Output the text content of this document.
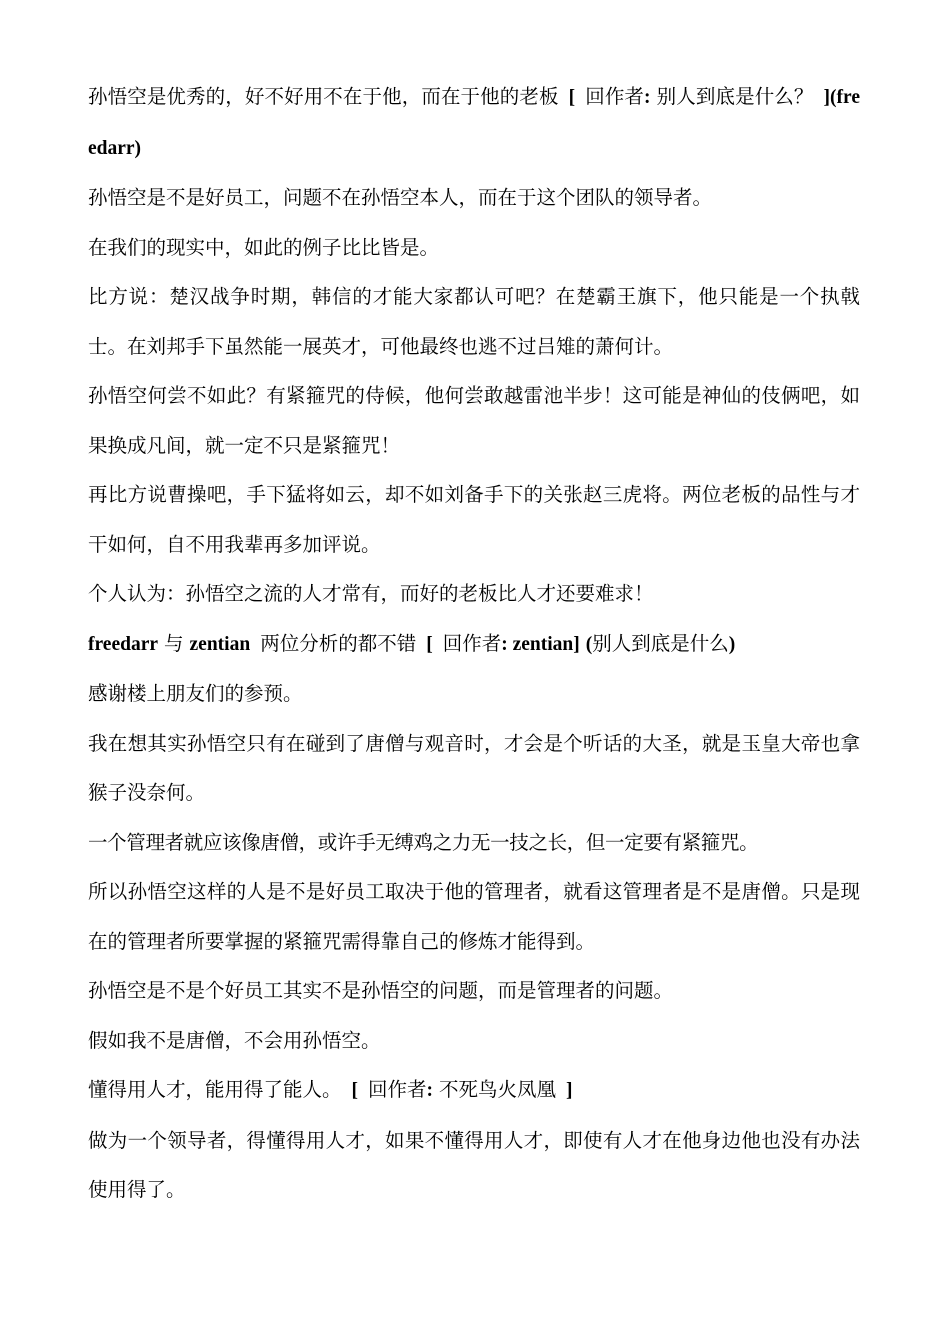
孙悟空是优秀的，好不好用不在于他，而在于他的老板 [ 回作者: 别人到底是什么？ ](freedarr)

孙悟空是不是好员工，问题不在孙悟空本人，而在于这个团队的领导者。

在我们的现实中，如此的例子比比皆是。

比方说：楚汉战争时期，韩信的才能大家都认可吧？在楚霸王旗下，他只能是一个执戟士。在刘邦手下虽然能一展英才，可他最终也逃不过吕雉的萧何计。

孙悟空何尝不如此？有紧箍咒的侍候，他何尝敢越雷池半步！这可能是神仙的伎俩吧，如果换成凡间，就一定不只是紧箍咒！

再比方说曹操吧，手下猛将如云，却不如刘备手下的关张赵三虎将。两位老板的品性与才干如何，自不用我辈再多加评说。

个人认为：孙悟空之流的人才常有，而好的老板比人才还要难求！

freedarr 与 zentian 两位分析的都不错 [ 回作者: zentian] (别人到底是什么)

感谢楼上朋友们的参预。

我在想其实孙悟空只有在碰到了唐僧与观音时，才会是个听话的大圣，就是玉皇大帝也拿猴子没奈何。

一个管理者就应该像唐僧，或许手无缚鸡之力无一技之长，但一定要有紧箍咒。

所以孙悟空这样的人是不是好员工取决于他的管理者，就看这管理者是不是唐僧。只是现在的管理者所要掌握的紧箍咒需得靠自己的修炼才能得到。

孙悟空是不是个好员工其实不是孙悟空的问题，而是管理者的问题。

假如我不是唐僧，不会用孙悟空。

懂得用人才，能用得了能人。 [ 回作者: 不死鸟火凤凰 ]

做为一个领导者，得懂得用人才，如果不懂得用人才，即使有人才在他身边他也没有办法使用得了。
